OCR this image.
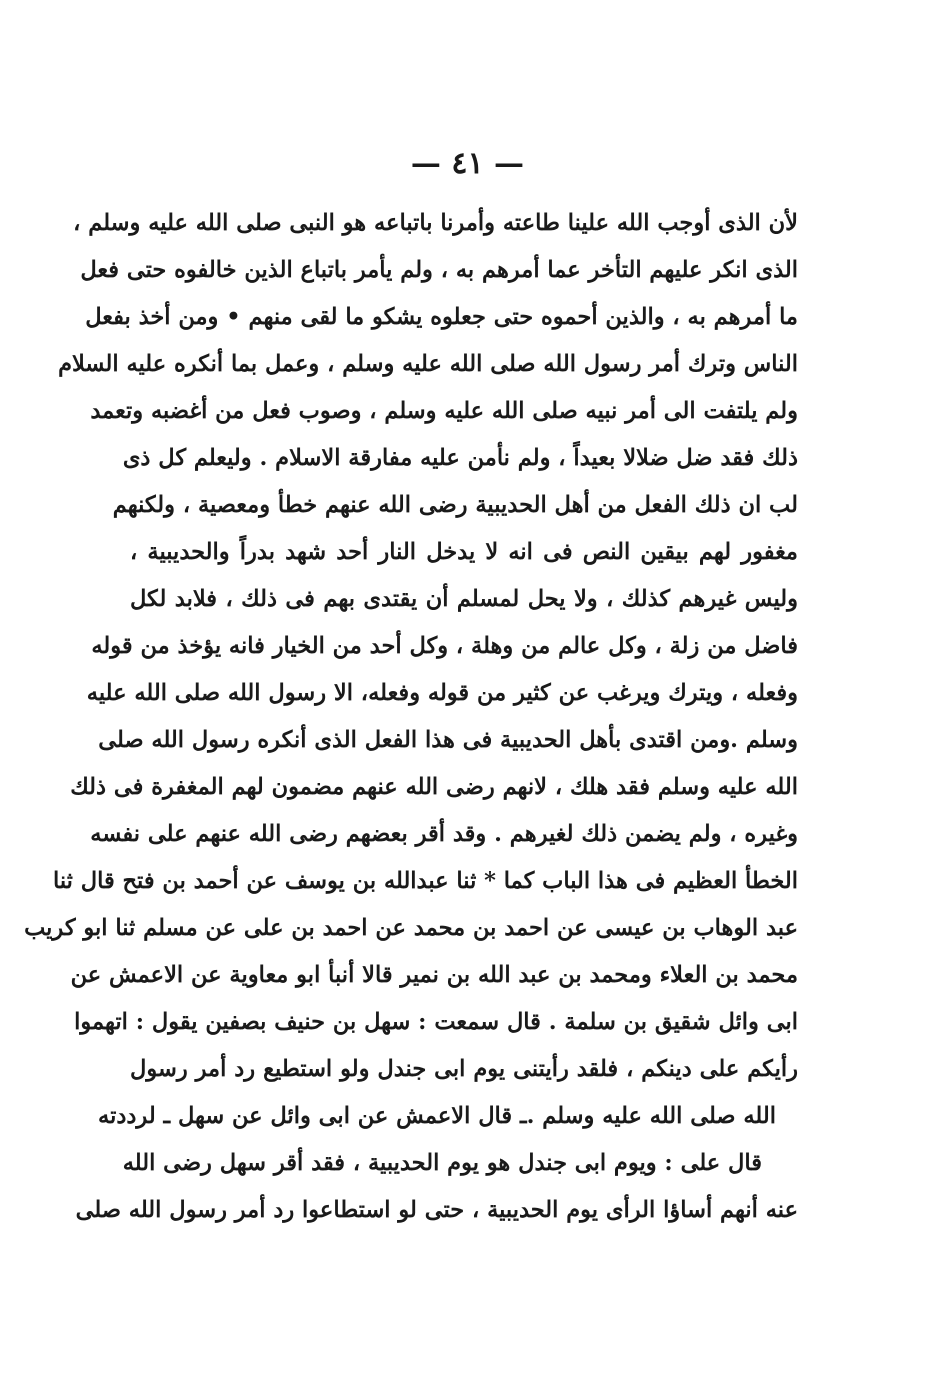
— ٤١ —
لأن الذى أوجب الله علينا طاعته وأمرنا باتباعه هو النبى صلى الله عليه وسلم ،
الذى انكر عليهم التأخر عما أمرهم به ، ولم يأمر باتباع الذين خالفوه حتى فعل
ما أمرهم به ، والذين أحموه حتى جعلوه يشكو ما لقى منهم • ومن أخذ بفعل
الناس وترك أمر رسول الله صلى الله عليه وسلم ، وعمل بما أنكره عليه السلام
ولم يلتفت الى أمر نبيه صلى الله عليه وسلم ، وصوب فعل من أغضبه وتعمد
ذلك فقد ضل ضلالا بعيداً ، ولم نأمن عليه مفارقة الاسلام . وليعلم كل ذى
لب ان ذلك الفعل من أهل الحديبية رضى الله عنهم خطأ ومعصية ، ولكنهم
مغفور لهم بيقين النص فى انه لا يدخل النار أحد شهد بدراً والحديبية ،
وليس غيرهم كذلك ، ولا يحل لمسلم أن يقتدى بهم فى ذلك ، فلابد لكل
فاضل من زلة ، وكل عالم من وهلة ، وكل أحد من الخيار فانه يؤخذ من قوله
وفعله ، ويترك ويرغب عن كثير من قوله وفعله، الا رسول الله صلى الله عليه
وسلم .ومن اقتدى بأهل الحديبية فى هذا الفعل الذى أنكره رسول الله صلى
الله عليه وسلم فقد هلك ، لانهم رضى الله عنهم مضمون لهم المغفرة فى ذلك
وغيره ، ولم يضمن ذلك لغيرهم . وقد أقر بعضهم رضى الله عنهم على نفسه
الخطأ العظيم فى هذا الباب كما * ثنا عبدالله بن يوسف عن أحمد بن فتح قال ثنا
عبد الوهاب بن عيسى عن احمد بن محمد عن احمد بن على عن مسلم ثنا ابو كريب
محمد بن العلاء ومحمد بن عبد الله بن نمير قالا أنبأ ابو معاوية عن الاعمش عن
ابى وائل شقيق بن سلمة . قال سمعت : سهل بن حنيف بصفين يقول : اتهموا
رأيكم على دينكم ، فلقد رأيتنى يوم ابى جندل ولو استطيع رد أمر رسول
الله صلى الله عليه وسلم .ـ قال الاعمش عن ابى وائل عن سهل ـ لرددته
قال على : ويوم ابى جندل هو يوم الحديبية ، فقد أقر سهل رضى الله
عنه أنهم أساؤا الرأى يوم الحديبية ، حتى لو استطاعوا رد أمر رسول الله صلى
